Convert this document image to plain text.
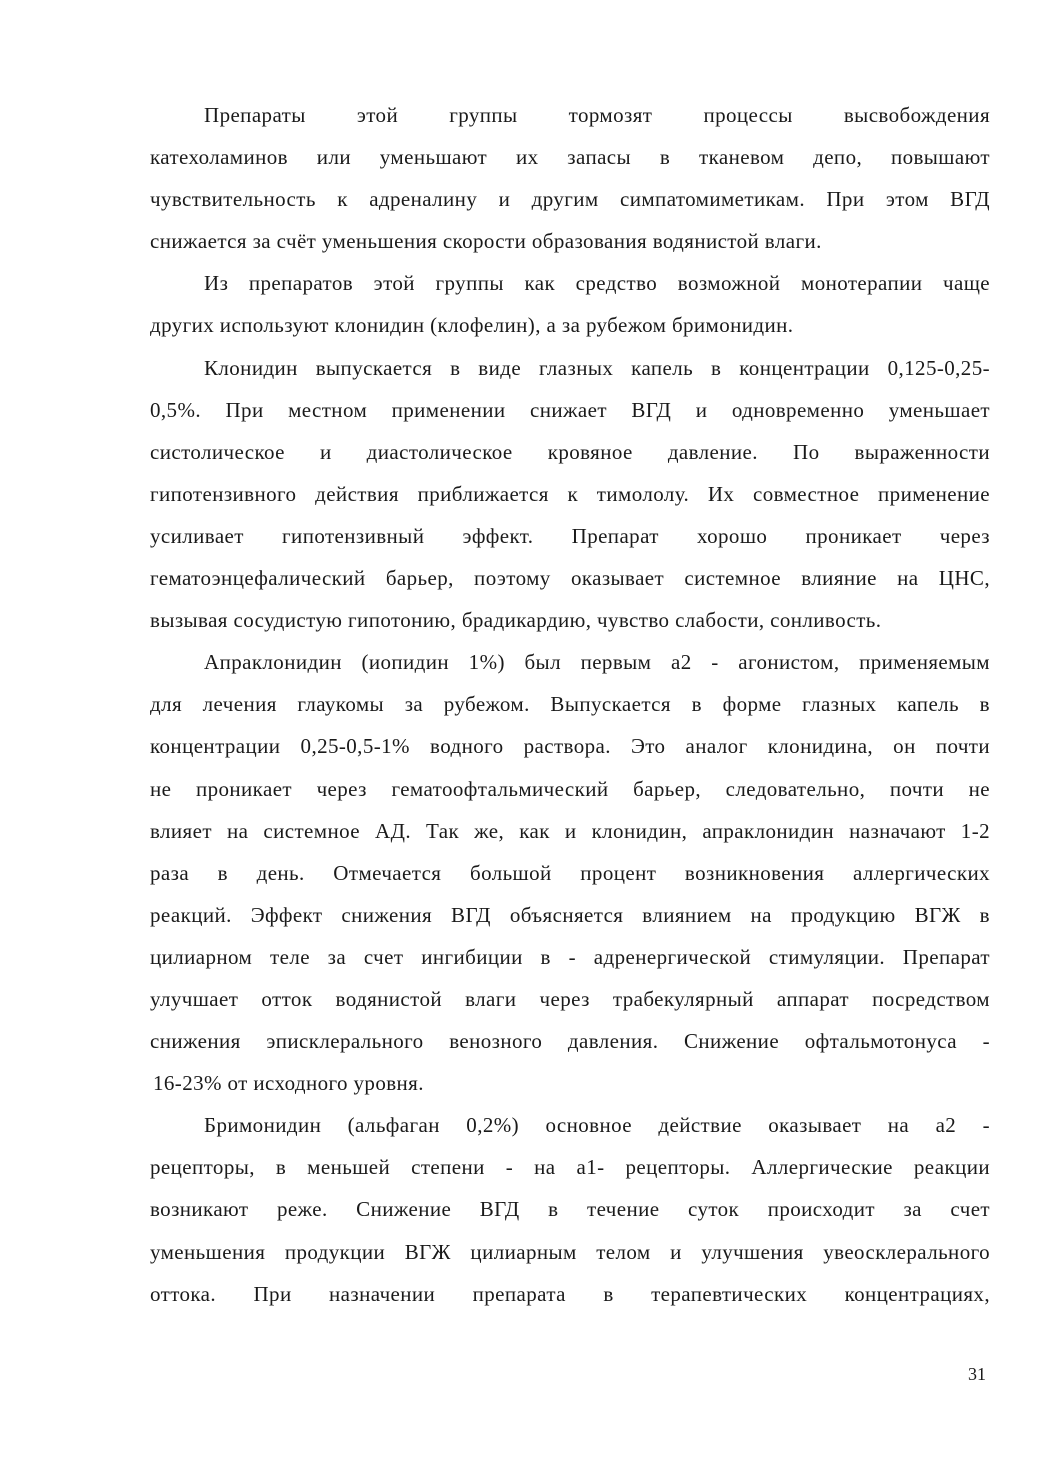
Препараты этой группы тормозят процессы высвобождения
катехоламинов или уменьшают их запасы в тканевом депо, повышают
чувствительность к адреналину и другим симпатомиметикам. При этом ВГД
снижается за счёт уменьшения скорости образования водянистой влаги.
Из препаратов этой группы как средство возможной монотерапии чаще
других используют клонидин (клофелин), а за рубежом бримонидин.
Клонидин выпускается в виде глазных капель в концентрации 0,125-0,25-
0,5%. При местном применении снижает ВГД и одновременно уменьшает
систолическое и диастолическое кровяное давление. По выраженности
гипотензивного действия приближается к тимололу. Их совместное применение
усиливает гипотензивный эффект. Препарат хорошо проникает через
гематоэнцефалический барьер, поэтому оказывает системное влияние на ЦНС,
вызывая сосудистую гипотонию, брадикардию, чувство слабости, сонливость.
Апраклонидин (иопидин 1%) был первым а2 - агонистом, применяемым
для лечения глаукомы за рубежом. Выпускается в форме глазных капель в
концентрации 0,25-0,5-1% водного раствора. Это аналог клонидина, он почти
не проникает через гематоофтальмический барьер, следовательно, почти не
влияет на системное АД. Так же, как и клонидин, апраклонидин назначают 1-2
раза в день. Отмечается большой процент возникновения аллергических
реакций. Эффект снижения ВГД объясняется влиянием на продукцию ВГЖ в
цилиарном теле за счет ингибиции в - адренергической стимуляции. Препарат
улучшает отток водянистой влаги через трабекулярный аппарат посредством
снижения эписклерального венозного давления. Снижение офтальмотонуса -
16-23% от исходного уровня.
Бримонидин (альфаган 0,2%) основное действие оказывает на а2 -
рецепторы, в меньшей степени - на а1- рецепторы. Аллергические реакции
возникают реже. Снижение ВГД в течение суток происходит за счет
уменьшения продукции ВГЖ цилиарным телом и улучшения увеосклерального
оттока. При назначении препарата в терапевтических концентрациях,
31
